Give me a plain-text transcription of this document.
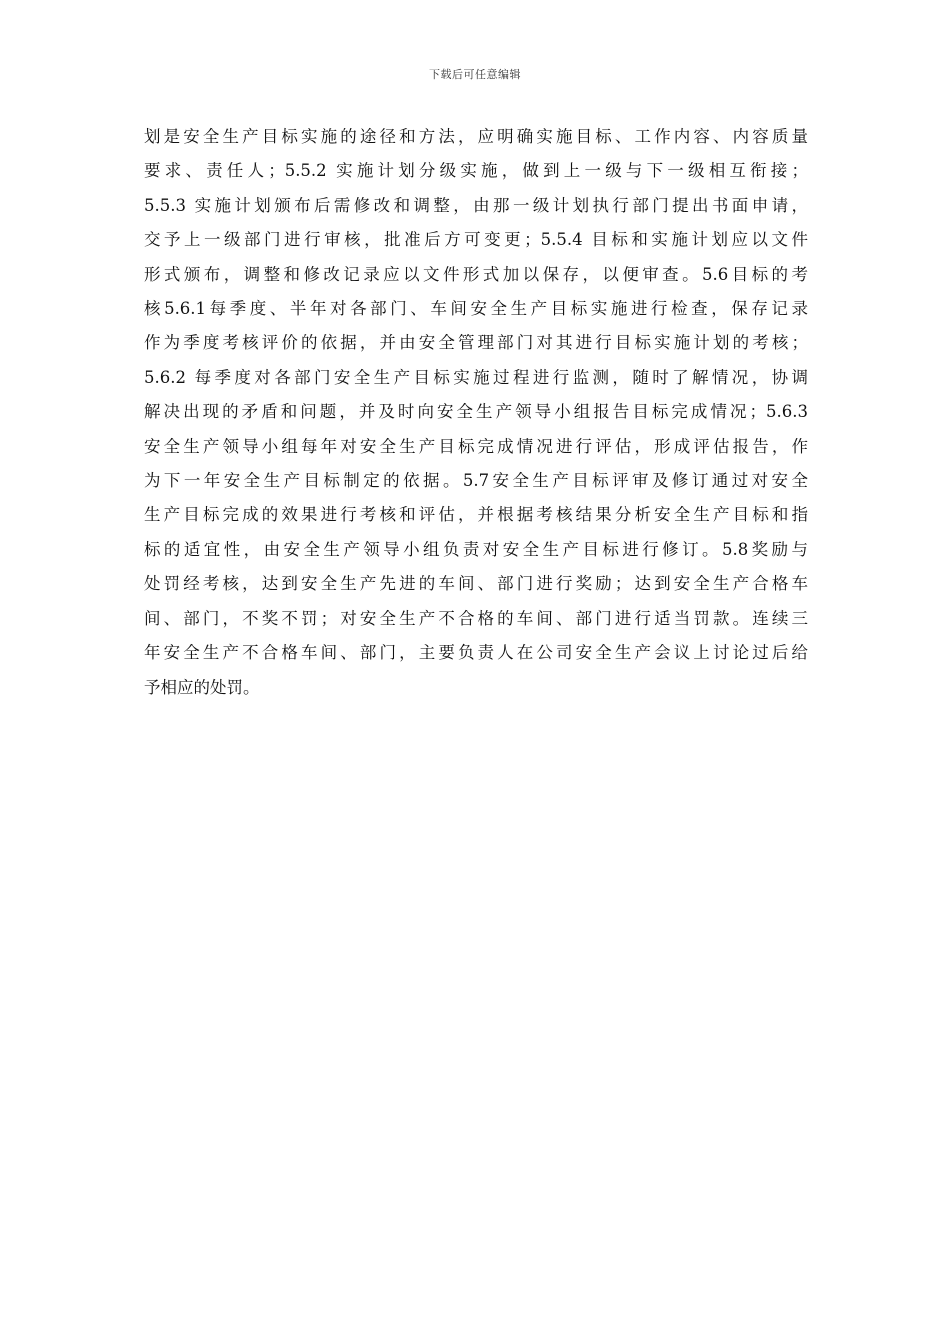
下载后可任意编辑
划是安全生产目标实施的途径和方法，应明确实施目标、工作内容、内容质量
要求、责任人；5.5.2 实施计划分级实施，做到上一级与下一级相互衔接；
5.5.3 实施计划颁布后需修改和调整，由那一级计划执行部门提出书面申请，
交予上一级部门进行审核，批准后方可变更；5.5.4 目标和实施计划应以文件
形式颁布，调整和修改记录应以文件形式加以保存，以便审查。5.6目标的考
核5.6.1每季度、半年对各部门、车间安全生产目标实施进行检查，保存记录
作为季度考核评价的依据，并由安全管理部门对其进行目标实施计划的考核；
5.6.2 每季度对各部门安全生产目标实施过程进行监测，随时了解情况，协调
解决出现的矛盾和问题，并及时向安全生产领导小组报告目标完成情况；5.6.3
安全生产领导小组每年对安全生产目标完成情况进行评估，形成评估报告，作
为下一年安全生产目标制定的依据。5.7安全生产目标评审及修订通过对安全
生产目标完成的效果进行考核和评估，并根据考核结果分析安全生产目标和指
标的适宜性，由安全生产领导小组负责对安全生产目标进行修订。5.8奖励与
处罚经考核，达到安全生产先进的车间、部门进行奖励；达到安全生产合格车
间、部门，不奖不罚；对安全生产不合格的车间、部门进行适当罚款。连续三
年安全生产不合格车间、部门，主要负责人在公司安全生产会议上讨论过后给
予相应的处罚。
